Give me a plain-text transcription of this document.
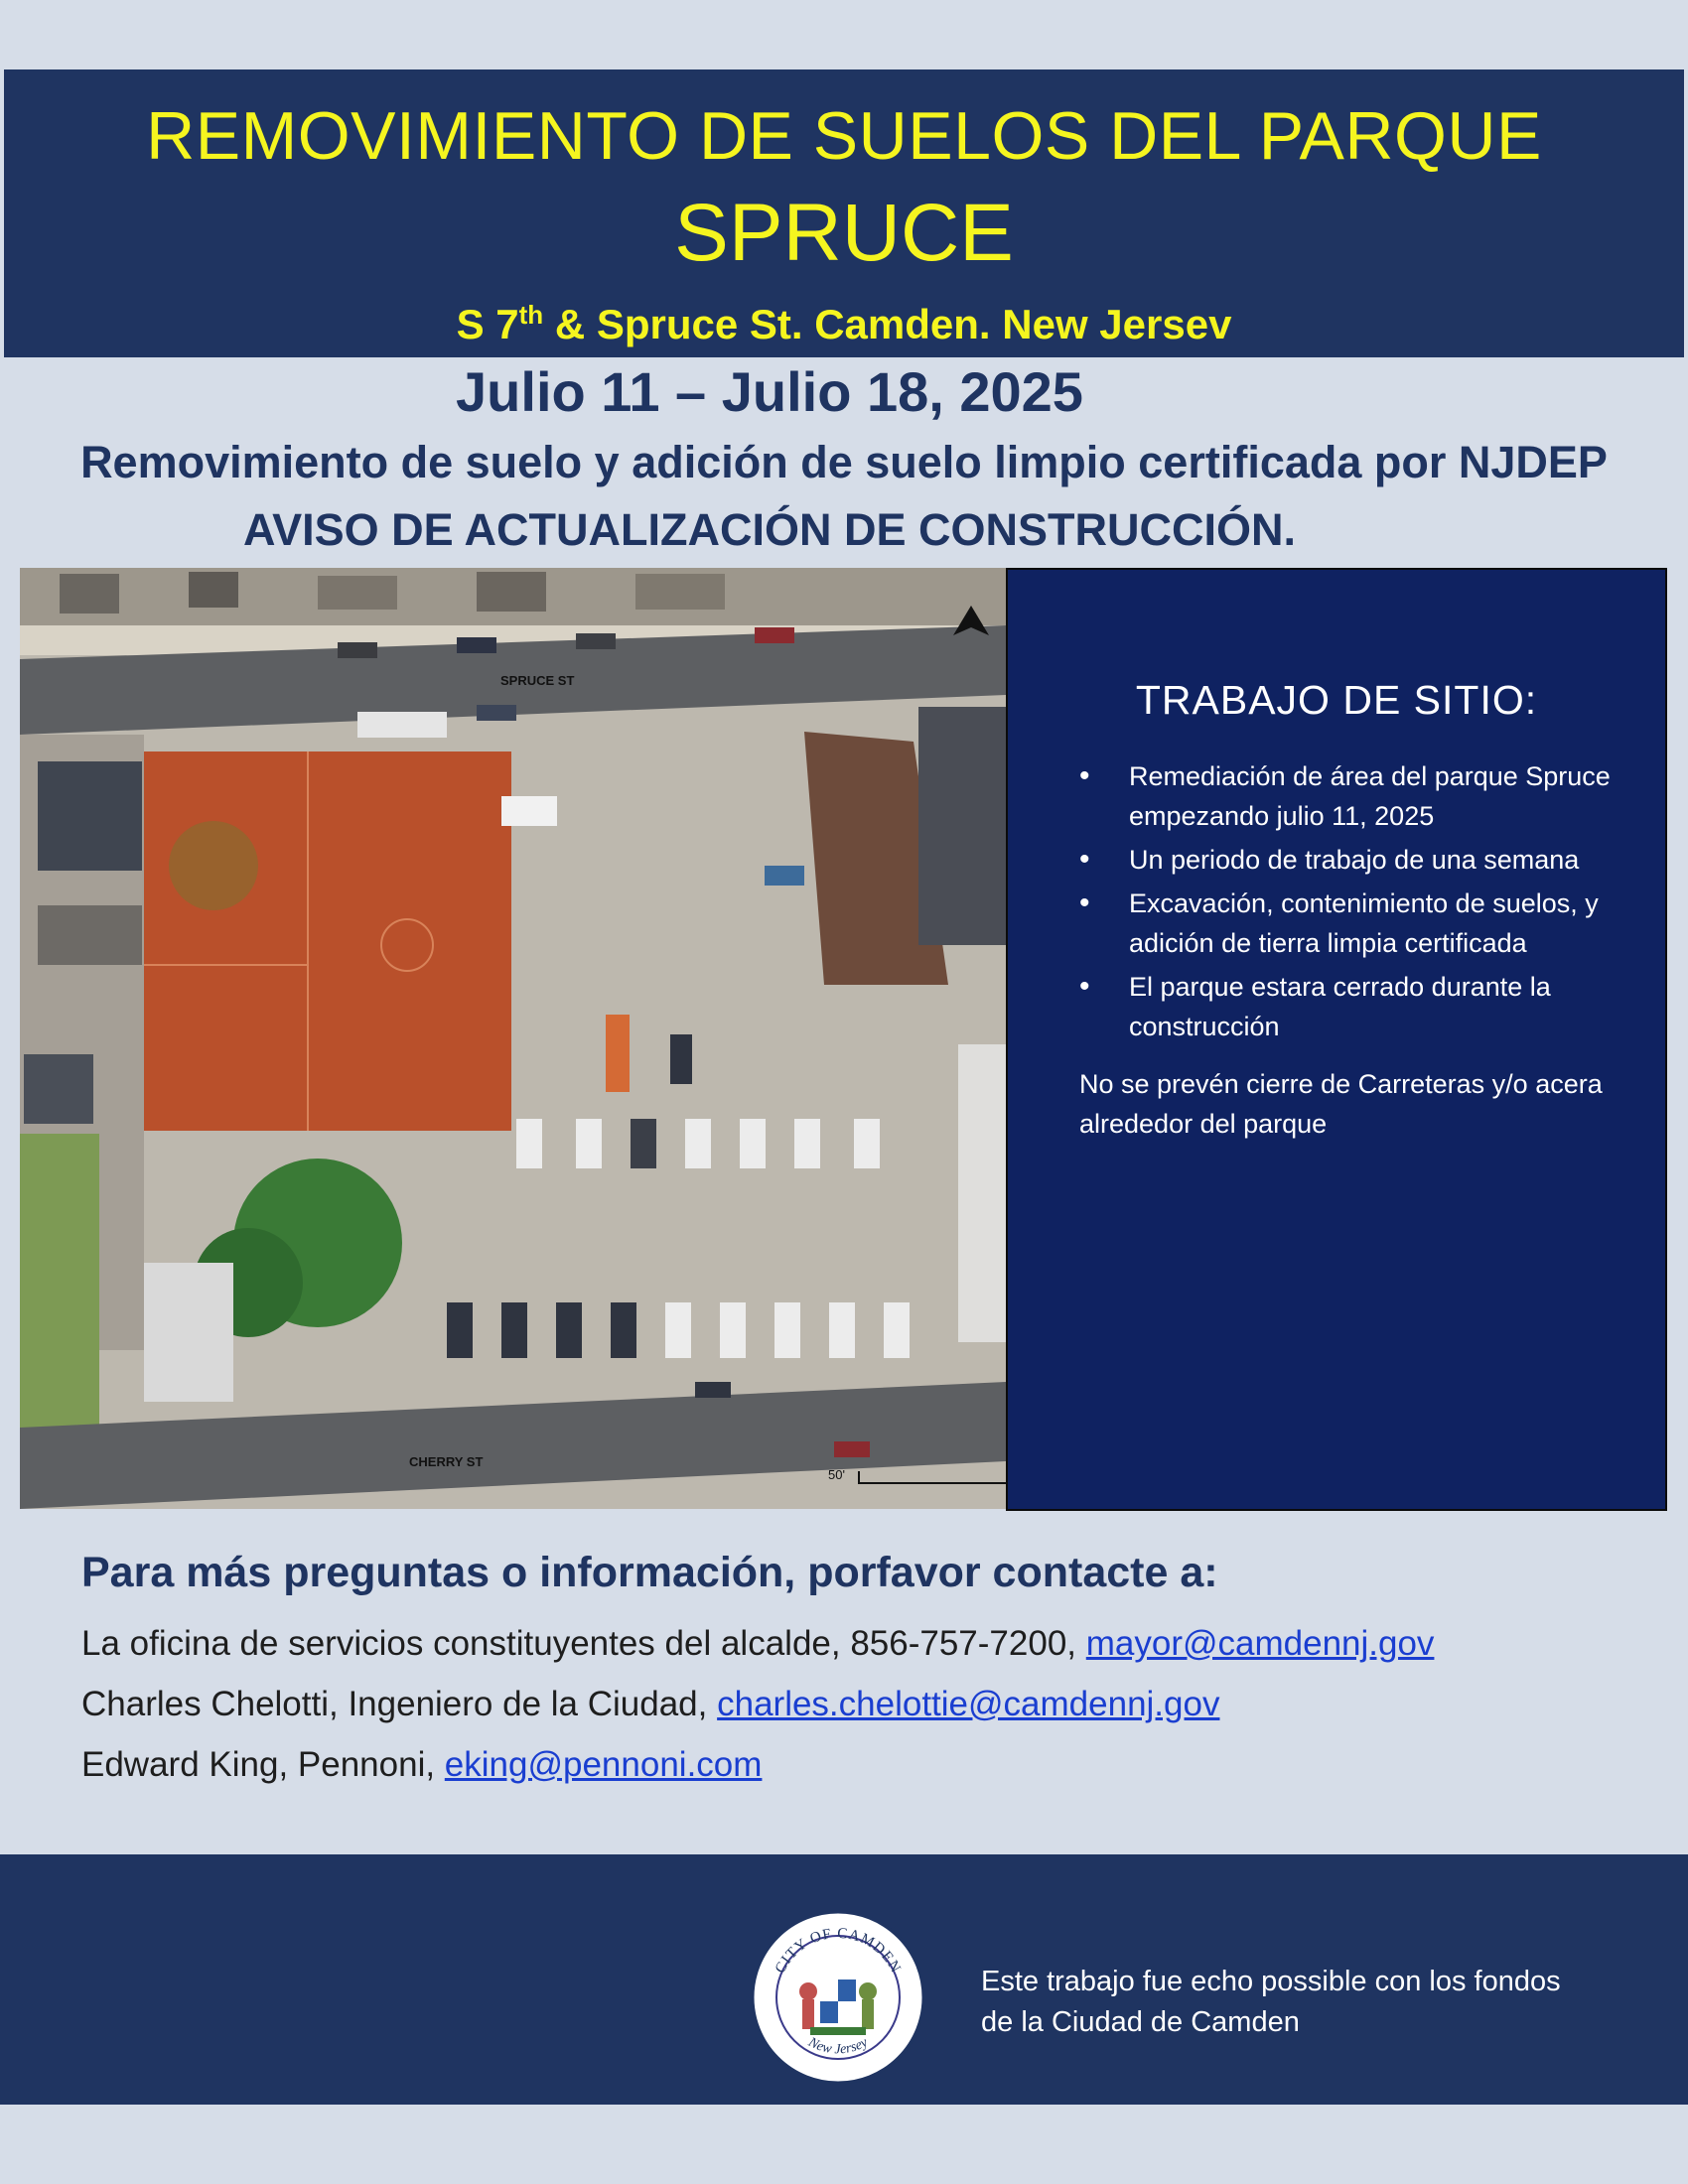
REMOVIMIENTO DE SUELOS DEL PARQUE
SPRUCE
S 7th & Spruce St. Camden. New Jersev
Julio 11 – Julio 18, 2025
Removimiento de suelo y adición de suelo limpio certificada por NJDEP
AVISO DE ACTUALIZACIÓN DE CONSTRUCCIÓN.
SPRUCE ST
CHERRY ST
50'
TRABAJO DE SITIO:
• Remediación de área del parque Spruce empezando julio 11, 2025
• Un periodo de trabajo de una semana
• Excavación, contenimiento de suelos, y adición de tierra limpia certificada
• El parque estara cerrado durante la construcción
No se prevén cierre de Carreteras y/o acera alrededor del parque
Para más preguntas o información, porfavor contacte a:
La oficina de servicios constituyentes del alcalde, 856-757-7200, mayor@camdennj.gov
Charles Chelotti, Ingeniero de la Ciudad, charles.chelottie@camdennj.gov
Edward King, Pennoni, eking@pennoni.com
CITY OF CAMDEN
New Jersey
Este trabajo fue echo possible con los fondos
de la Ciudad de Camden
